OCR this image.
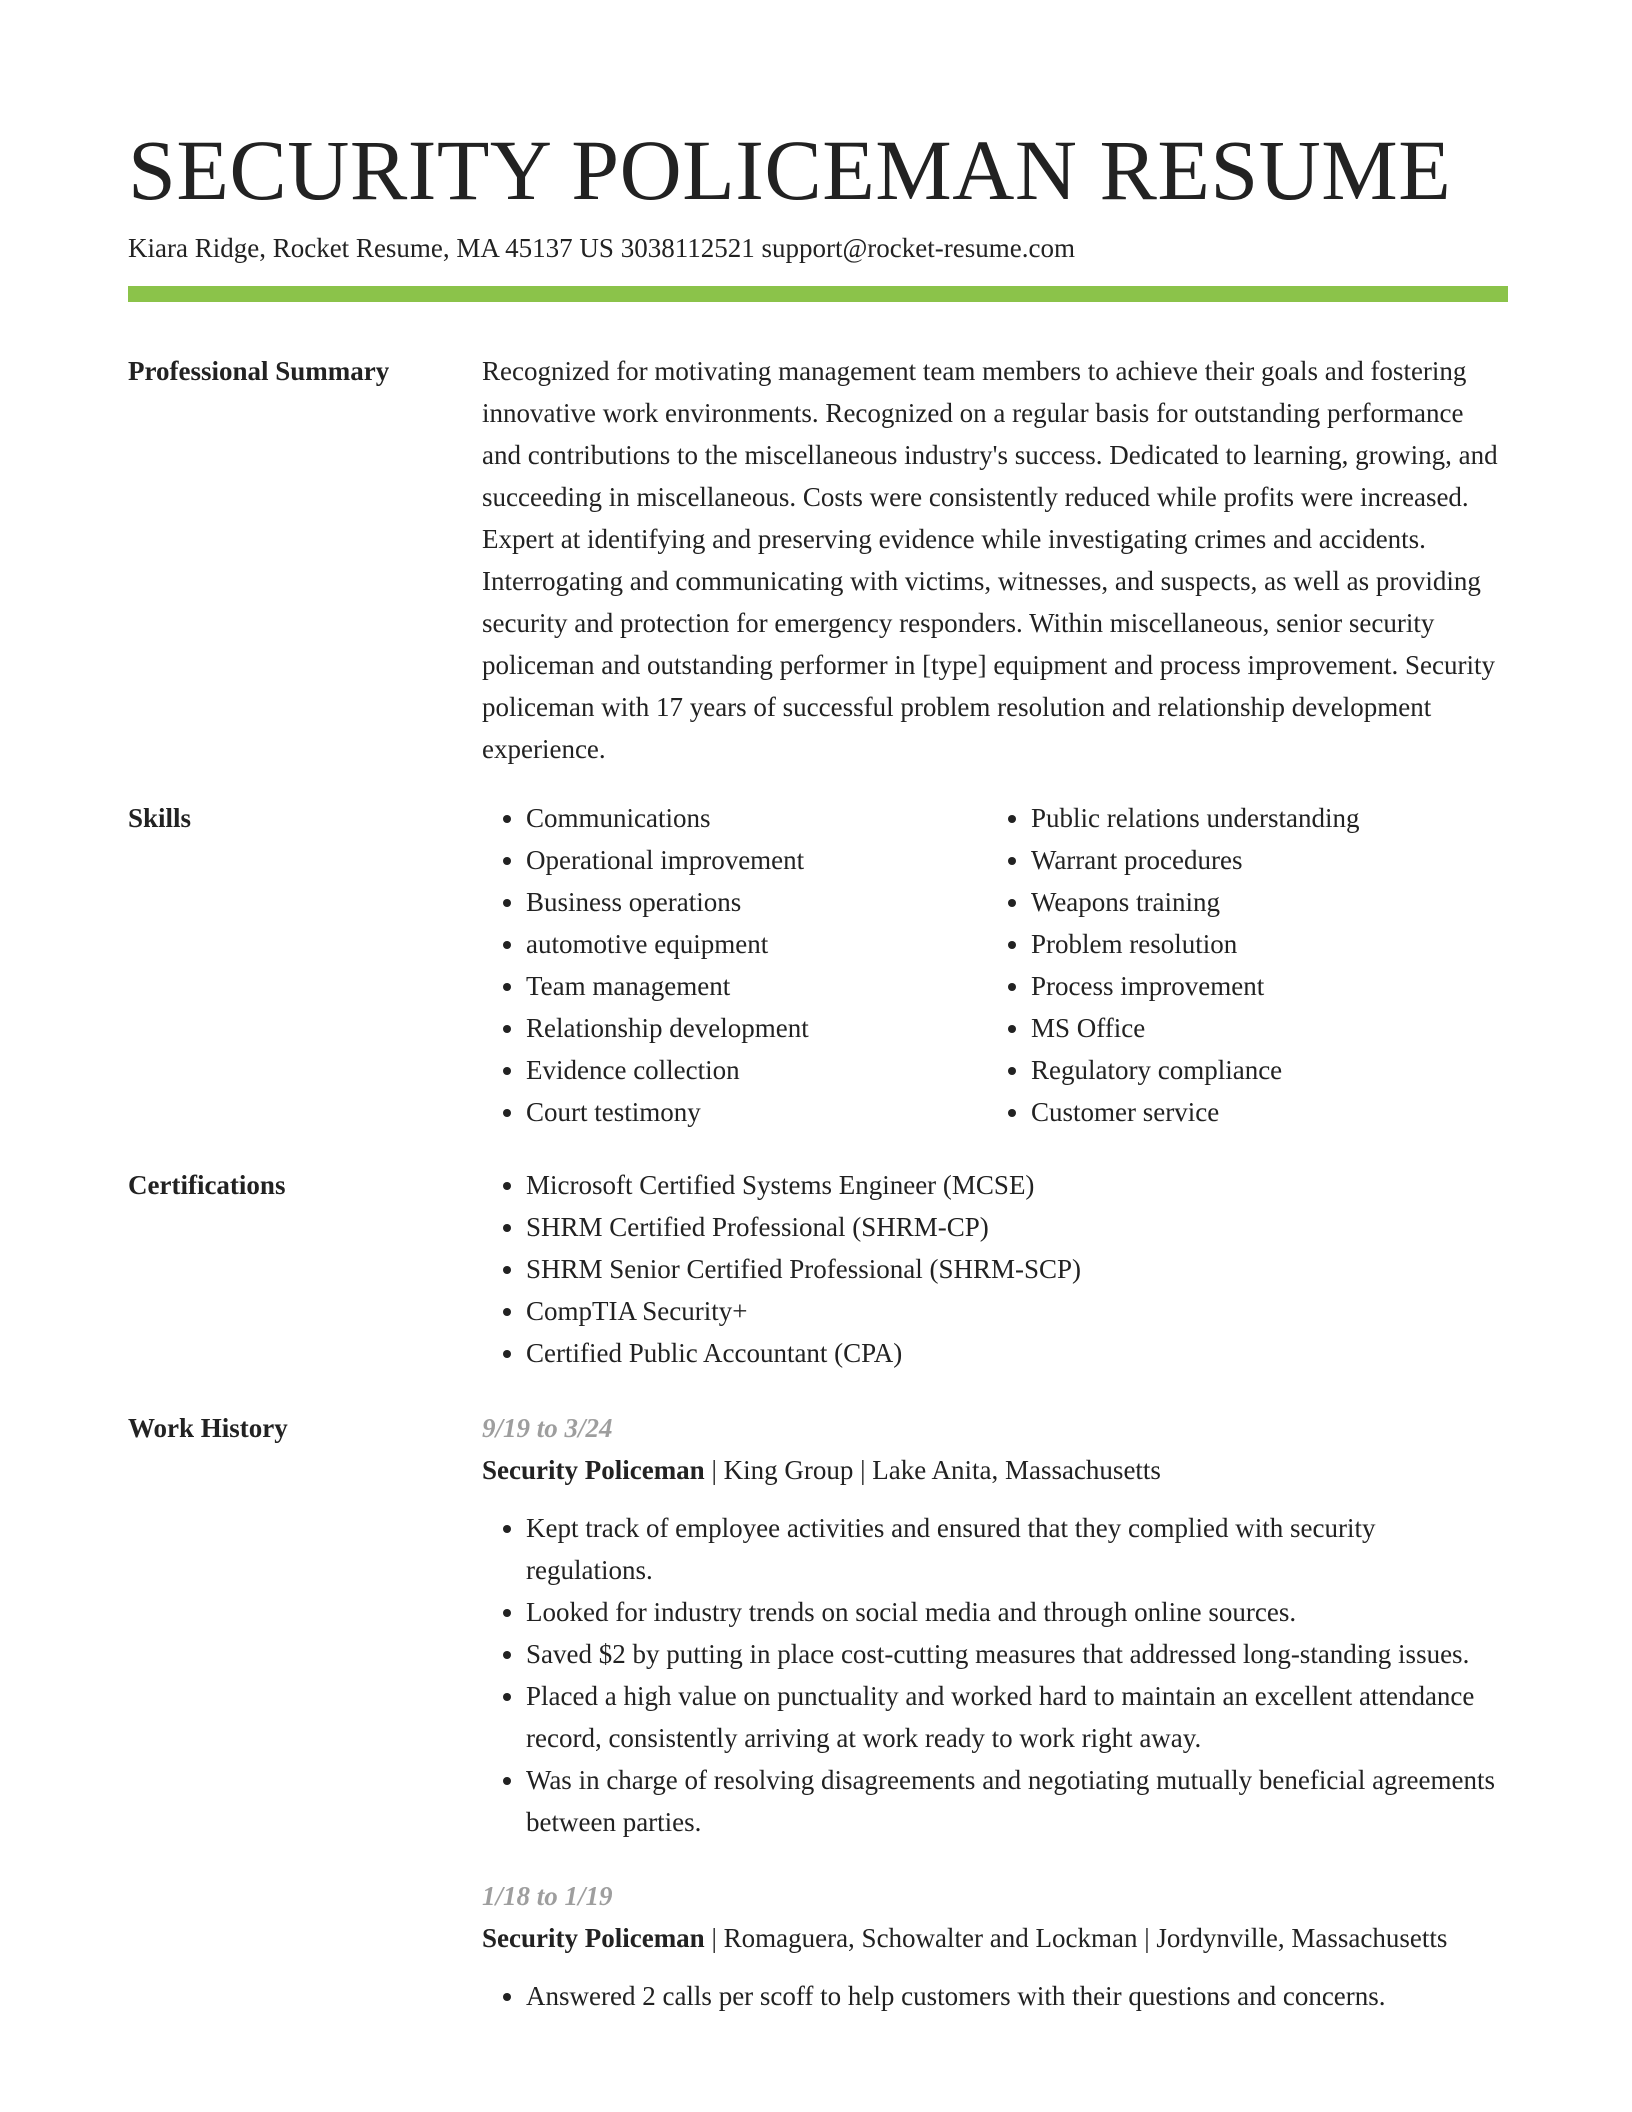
SECURITY POLICEMAN RESUME
Kiara Ridge, Rocket Resume, MA 45137 US 3038112521 support@rocket-resume.com
Professional Summary	Recognized for motivating management team members to achieve their goals and fostering innovative work environments. Recognized on a regular basis for outstanding performance and contributions to the miscellaneous industry's success. Dedicated to learning, growing, and succeeding in miscellaneous. Costs were consistently reduced while profits were increased. Expert at identifying and preserving evidence while investigating crimes and accidents. Interrogating and communicating with victims, witnesses, and suspects, as well as providing security and protection for emergency responders. Within miscellaneous, senior security policeman and outstanding performer in [type] equipment and process improvement. Security policeman with 17 years of successful problem resolution and relationship development experience.

Skills	• Communications
• Operational improvement
• Business operations
• automotive equipment
• Team management
• Relationship development
• Evidence collection
• Court testimony
• Public relations understanding
• Warrant procedures
• Weapons training
• Problem resolution
• Process improvement
• MS Office
• Regulatory compliance
• Customer service
Certifications	• Microsoft Certified Systems Engineer (MCSE)
• SHRM Certified Professional (SHRM-CP)
• SHRM Senior Certified Professional (SHRM-SCP)
• CompTIA Security+
• Certified Public Accountant (CPA)
Work History	9/19 to 3/24
Security Policeman | King Group | Lake Anita, Massachusetts
• Kept track of employee activities and ensured that they complied with security regulations.
• Looked for industry trends on social media and through online sources.
• Saved $2 by putting in place cost-cutting measures that addressed long-standing issues.
• Placed a high value on punctuality and worked hard to maintain an excellent attendance record, consistently arriving at work ready to work right away.
• Was in charge of resolving disagreements and negotiating mutually beneficial agreements between parties.
1/18 to 1/19
Security Policeman | Romaguera, Schowalter and Lockman | Jordynville, Massachusetts
• Answered 2 calls per scoff to help customers with their questions and concerns.
